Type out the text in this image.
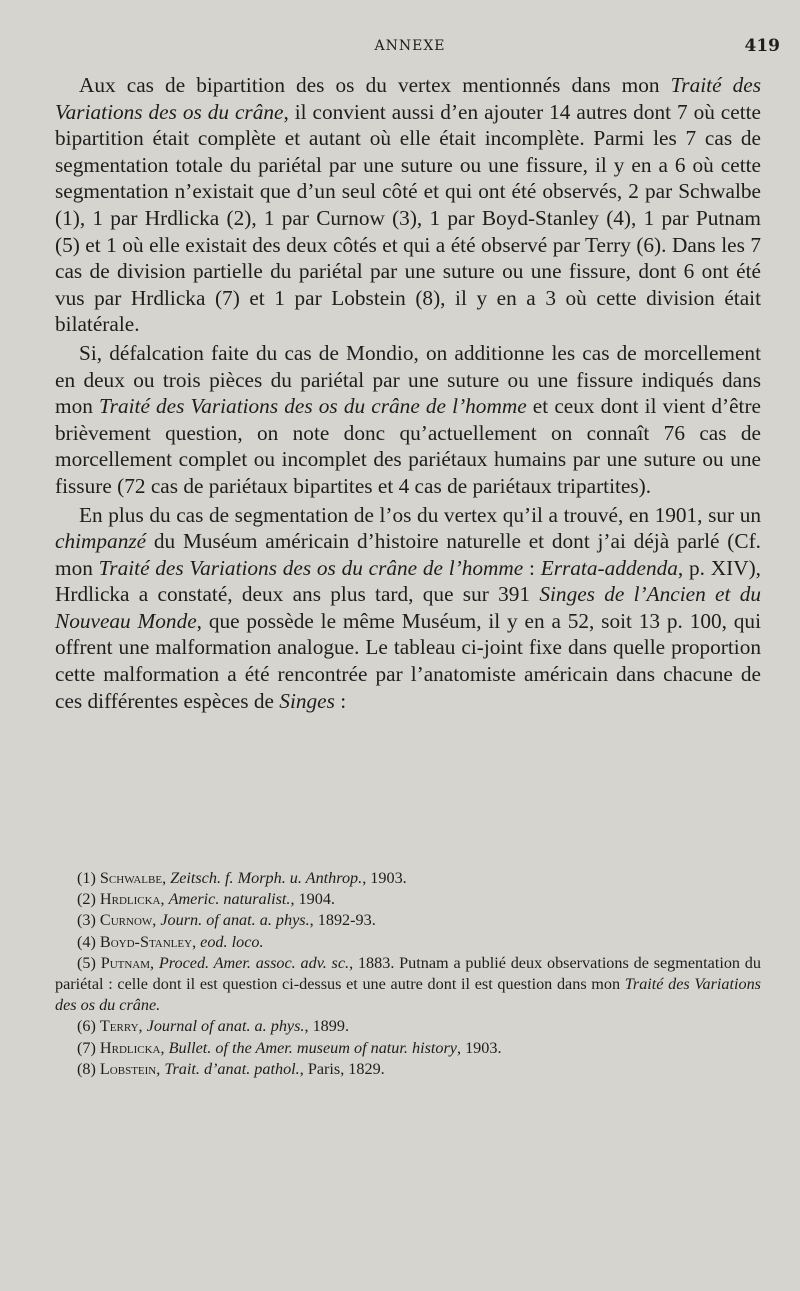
ANNEXE	419

Aux cas de bipartition des os du vertex mentionnés dans mon Traité des Variations des os du crâne, il convient aussi d’en ajouter 14 autres dont 7 où cette bipartition était complète et autant où elle était incomplète. Parmi les 7 cas de segmentation totale du pariétal par une suture ou une fissure, il y en a 6 où cette segmentation n’existait que d’un seul côté et qui ont été observés, 2 par Schwalbe (1), 1 par Hrdlicka (2), 1 par Curnow (3), 1 par Boyd-Stanley (4), 1 par Putnam (5) et 1 où elle existait des deux côtés et qui a été observé par Terry (6). Dans les 7 cas de division partielle du pariétal par une suture ou une fissure, dont 6 ont été vus par Hrdlicka (7) et 1 par Lobstein (8), il y en a 3 où cette division était bilatérale.

Si, défalcation faite du cas de Mondio, on additionne les cas de morcellement en deux ou trois pièces du pariétal par une suture ou une fissure indiqués dans mon Traité des Variations des os du crâne de l’homme et ceux dont il vient d’être brièvement question, on note donc qu’actuellement on connaît 76 cas de morcellement complet ou incomplet des pariétaux humains par une suture ou une fissure (72 cas de pariétaux bipartites et 4 cas de pariétaux tripartites).

En plus du cas de segmentation de l’os du vertex qu’il a trouvé, en 1901, sur un chimpanzé du Muséum américain d’histoire naturelle et dont j’ai déjà parlé (Cf. mon Traité des Variations des os du crâne de l’homme : Errata-addenda, p. XIV), Hrdlicka a constaté, deux ans plus tard, que sur 391 Singes de l’Ancien et du Nouveau Monde, que possède le même Muséum, il y en a 52, soit 13 p. 100, qui offrent une malformation analogue. Le tableau ci-joint fixe dans quelle proportion cette malformation a été rencontrée par l’anatomiste américain dans chacune de ces différentes espèces de Singes :

(1) Schwalbe, Zeitsch. f. Morph. u. Anthrop., 1903.

(2) Hrdlicka, Americ. naturalist., 1904.

(3) Curnow, Journ. of anat. a. phys., 1892-93.

(4) Boyd-Stanley, eod. loco.

(5) Putnam, Proced. Amer. assoc. adv. sc., 1883. Putnam a publié deux observations de segmentation du pariétal : celle dont il est question ci-dessus et une autre dont il est question dans mon Traité des Variations des os du crâne.

(6) Terry, Journal of anat. a. phys., 1899.

(7) Hrdlicka, Bullet. of the Amer. museum of natur. history, 1903.

(8) Lobstein, Trait. d’anat. pathol., Paris, 1829.
